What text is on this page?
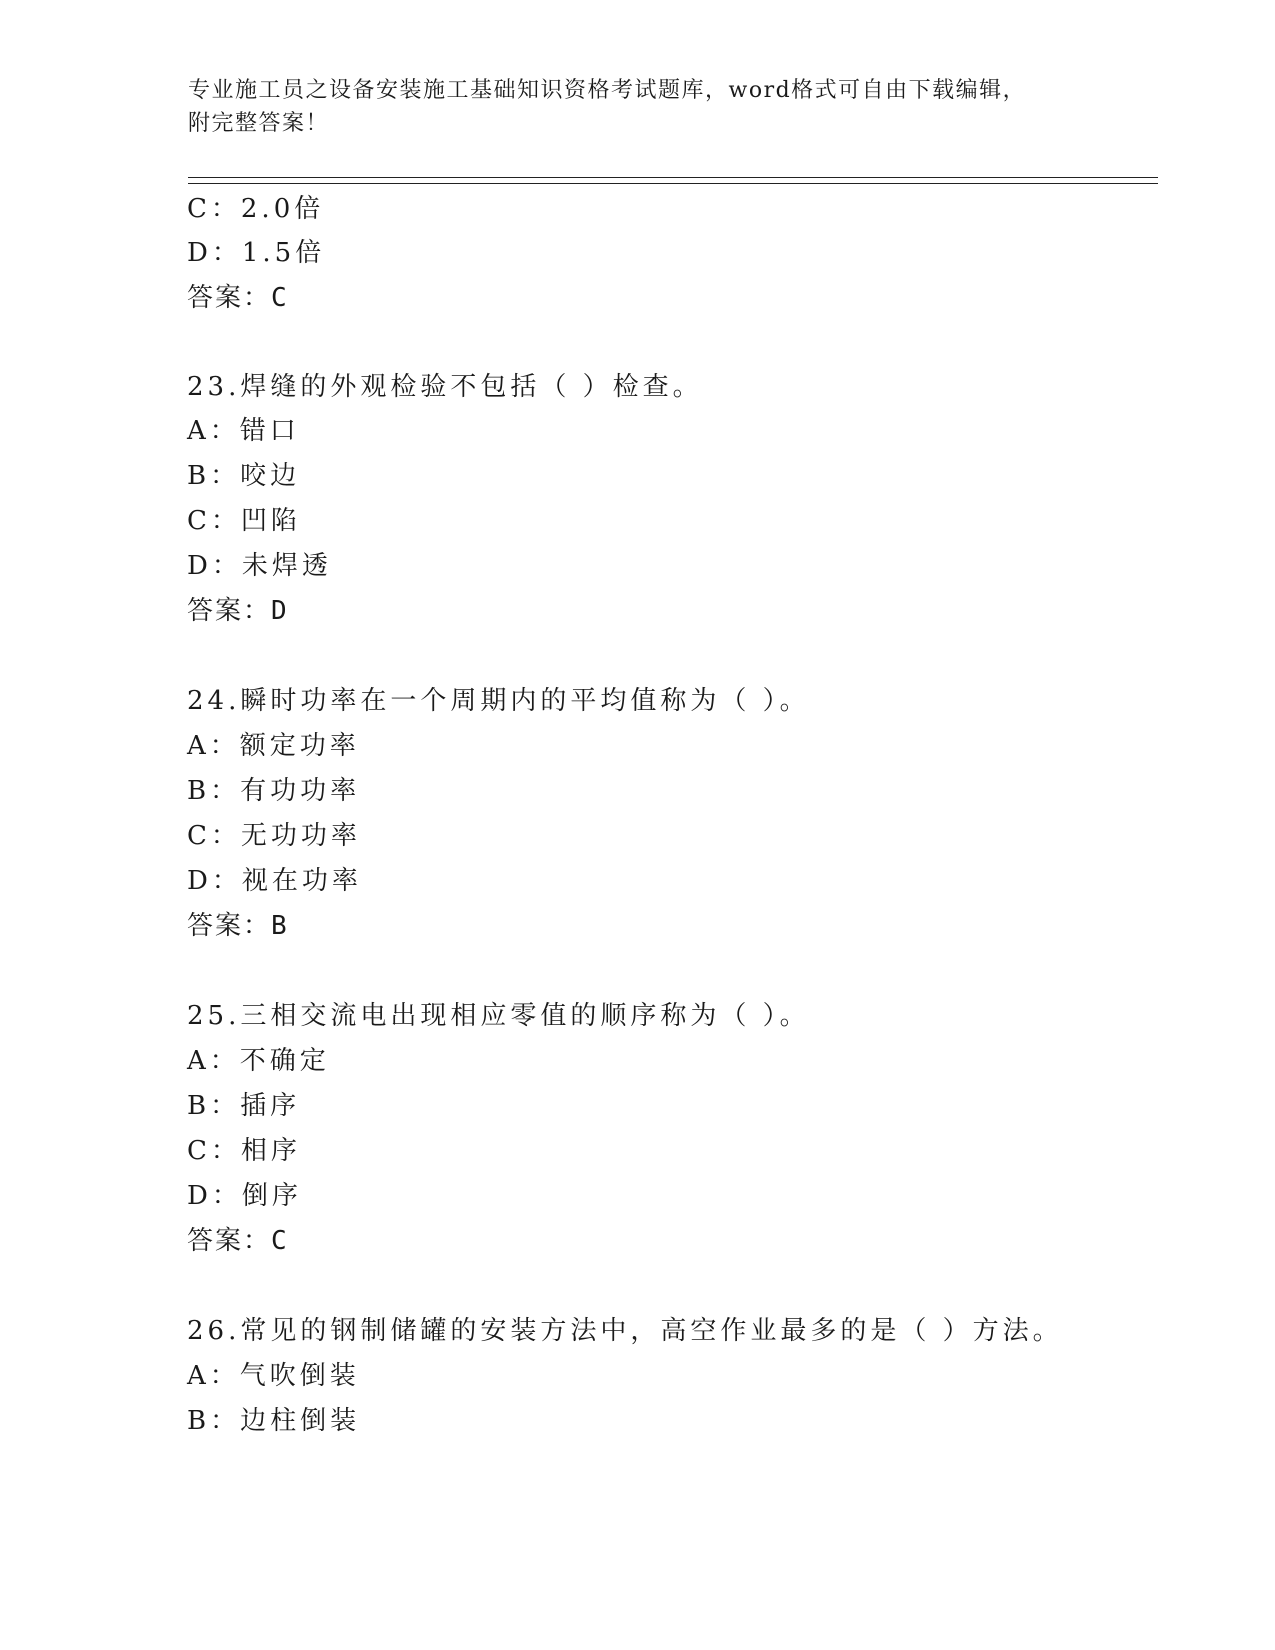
专业施工员之设备安装施工基础知识资格考试题库，word格式可自由下载编辑，
附完整答案！
C：2.0倍
D：1.5倍
答案：C
23.焊缝的外观检验不包括（ ）检查。
A：错口
B：咬边
C：凹陷
D：未焊透
答案：D
24.瞬时功率在一个周期内的平均值称为（ ）。
A：额定功率
B：有功功率
C：无功功率
D：视在功率
答案：B
25.三相交流电出现相应零值的顺序称为（ ）。
A：不确定
B：插序
C：相序
D：倒序
答案：C
26.常见的钢制储罐的安装方法中，高空作业最多的是（ ）方法。
A：气吹倒装
B：边柱倒装
